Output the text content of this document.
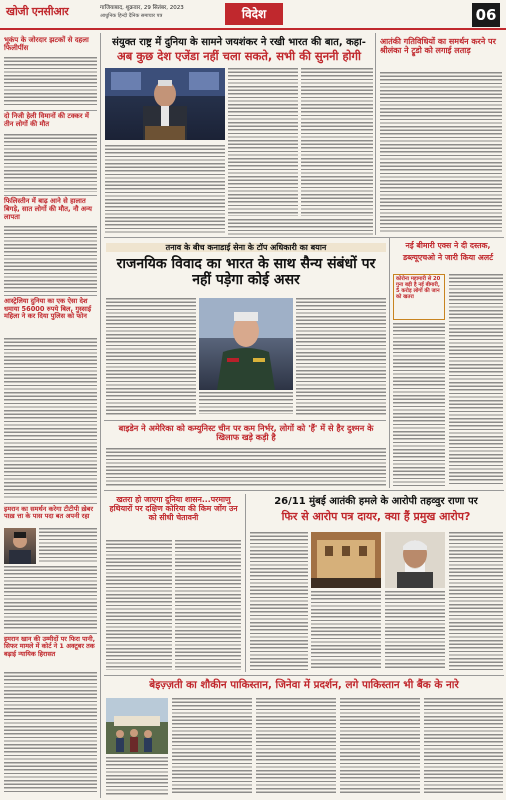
खोजी एनसीआर	गाजियाबाद, शुक्रवार, 29 सितंबर, 2023
आधुनिक हिन्दी दैनिक समाचार पत्र	विदेश	06
भूकंप के जोरदार झटकों से दहला फिलीपींस
दो निजी हेली विमानों की टक्कर में तीन लोगों की मौत
फिलिस्तीन में बाढ़ आने से हालात बिगड़े, सात लोगों की मौत, नौ अन्य लापता
आस्ट्रेलिया दुनिया का एक ऐसा देश धमाया 56000 रुपये बिल, गुस्साई महिला ने कर दिया पुलिस को फोन
इमरान का समर्थन करेगा टीटीपी ख़ेबर पाख़ त्ता के पास पदा बत अपनी रहा
इमरान खान की उम्मीदों पर फिरा पानी, सिफर मामले में कोर्ट ने 1 अक्टूबर तक बढ़ाई न्यायिक हिरासत
संयुक्त राष्ट्र में दुनिया के सामने जयशंकर ने रखी भारत की बात, कहा-
अब कुछ देश एजेंडा नहीं चला सकते, सभी की सुननी होगी
आतंकी गतिविधियों का समर्थन करने पर श्रीलंका ने ट्रूडो को लगाई लताड़
तनाव के बीच कनाडाई सेना के टॉप अधिकारी का बयान
राजनयिक विवाद का भारत के साथ सैन्य संबंधों पर नहीं पड़ेगा कोई असर
बाइडेन ने अमेरिका को कम्युनिस्ट चीन पर कम निर्भर, लोगों को 'हैं' में से हैर दुश्मन के खिलाफ खड़े कड़ी है
नई बीमारी एक्स ने दी दस्तक,
डब्ल्यूएचओ ने जारी किया अलर्ट
कोरोना महामारी से 20 गुना बड़ी है नई बीमारी, 5 करोड़ लोगों की जान को खतरा
खतरा हो जाएगा दुनिया शासन...परमाणु हथियारों पर दक्षिण कोरिया की किम जोंग उन को सीधी चेतावनी
26/11 मुंबई आतंकी हमले के आरोपी तहव्वुर राणा पर
फिर से आरोप पत्र दायर, क्या हैं प्रमुख आरोप?
बेइज़्ज़ती का शौकीन पाकिस्तान, जिनेवा में प्रदर्शन, लगे पाकिस्तान भी बैंक के नारे
